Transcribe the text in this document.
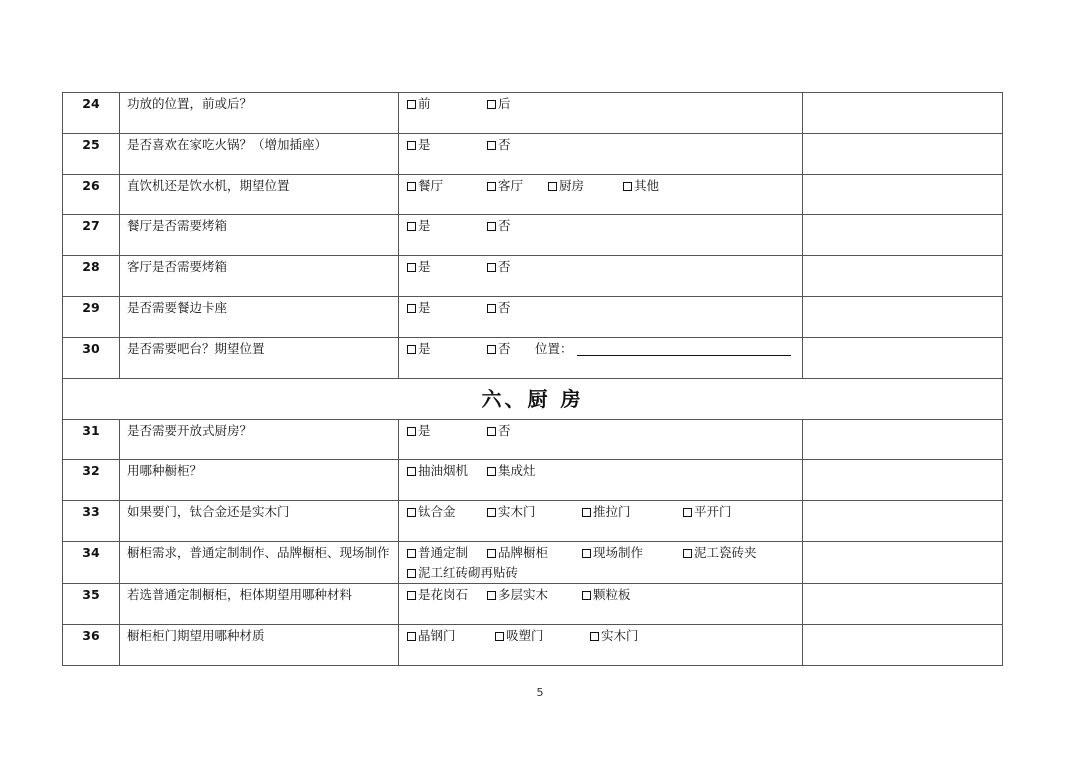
24	功放的位置，前或后？	前 后	

25	是否喜欢在家吃火锅？（增加插座）	是 否	

26	直饮机还是饮水机，期望位置	餐厅 客厅 厨房 其他	

27	餐厅是否需要烤箱	是 否	

28	客厅是否需要烤箱	是 否	

29	是否需要餐边卡座	是 否	

30	是否需要吧台？期望位置	是 否 位置：	

六、厨 房			
31	是否需要开放式厨房？	是 否	

32	用哪种橱柜？	抽油烟机 集成灶	

33	如果要门，钛合金还是实木门	钛合金 实木门 推拉门 平开门	

34	橱柜需求，普通定制制作、品牌橱柜、现场制作	普通定制 品牌橱柜 现场制作 泥工瓷砖夹
泥工红砖砌再贴砖	

35	若选普通定制橱柜，柜体期望用哪种材料	是花岗石 多层实木 颗粒板	

36	橱柜柜门期望用哪种材质	晶钢门 吸塑门 实木门	

5
